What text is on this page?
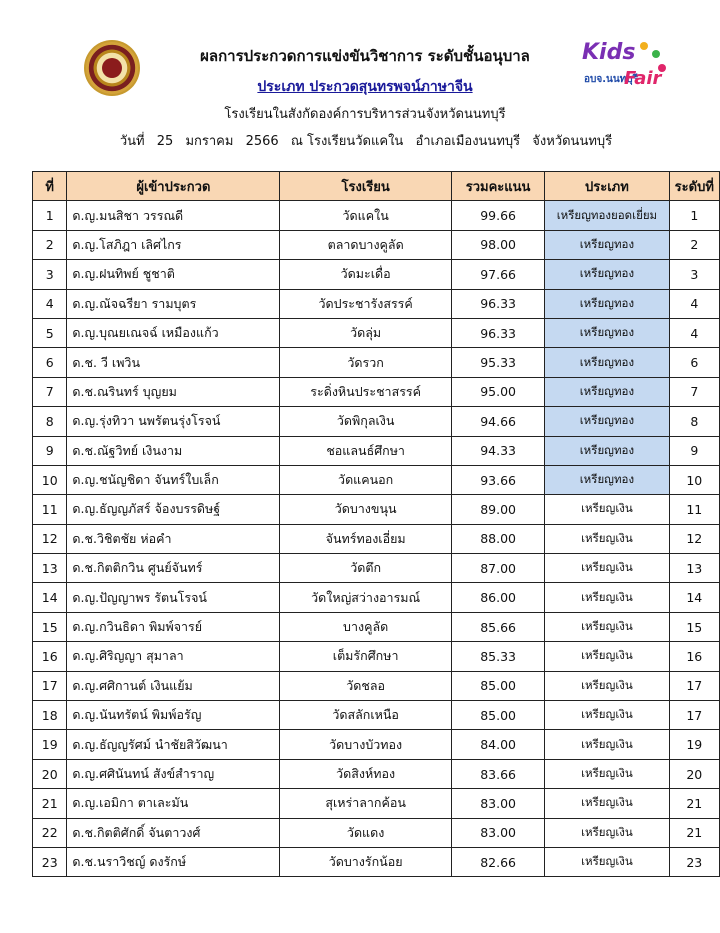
Kids
อบจ.นนทบุรี
Fair
ผลการประกวดการแข่งขันวิชาการ ระดับชั้นอนุบาล
ประเภท ประกวดสุนทรพจน์ภาษาจีน
โรงเรียนในสังกัดองค์การบริหารส่วนจังหวัดนนทบุรี
วันที่ 25 มกราคม 2566 ณ โรงเรียนวัดแคใน อำเภอเมืองนนทบุรี จังหวัดนนทบุรี
ที่	ผู้เข้าประกวด	โรงเรียน	รวมคะแนน	ประเภท	ระดับที่
1	ด.ญ.มนสิชา วรรณดี	วัดแคใน	99.66	เหรียญทองยอดเยี่ยม	1
2	ด.ญ.โสภิฎา เลิศไกร	ตลาดบางคูลัด	98.00	เหรียญทอง	2
3	ด.ญ.ฝนทิพย์ ชูชาติ	วัดมะเดื่อ	97.66	เหรียญทอง	3
4	ด.ญ.ณัจฉรียา รามบุตร	วัดประชารังสรรค์	96.33	เหรียญทอง	4
5	ด.ญ.บุณยเณจฉ์ เหมืองแก้ว	วัดลุ่ม	96.33	เหรียญทอง	4
6	ด.ช. วี เพวิน	วัดรวก	95.33	เหรียญทอง	6
7	ด.ช.ณรินทร์ บุญยม	ระดิ่งหินประชาสรรค์	95.00	เหรียญทอง	7
8	ด.ญ.รุ่งทิวา นพรัตนรุ่งโรจน์	วัดพิกุลเงิน	94.66	เหรียญทอง	8
9	ด.ช.ณัฐวิทย์ เงินงาม	ชอแลนธ์ศึกษา	94.33	เหรียญทอง	9
10	ด.ญ.ชนัญชิดา จันทร์ใบเล็ก	วัดแคนอก	93.66	เหรียญทอง	10
11	ด.ญ.ธัญญภัสร์ จ้องบรรดิษฐ์	วัดบางขนุน	89.00	เหรียญเงิน	11
12	ด.ช.วิชิตชัย ห่อคำ	จันทร์ทองเอี่ยม	88.00	เหรียญเงิน	12
13	ด.ช.กิตติกวิน ศูนย์จันทร์	วัดตึก	87.00	เหรียญเงิน	13
14	ด.ญ.ปัญญาพร รัตนโรจน์	วัดใหญ่สว่างอารมณ์	86.00	เหรียญเงิน	14
15	ด.ญ.กวินธิดา พิมพ์จารย์	บางคูลัด	85.66	เหรียญเงิน	15
16	ด.ญ.ศิริญญา สุมาลา	เต็มรักศึกษา	85.33	เหรียญเงิน	16
17	ด.ญ.ศศิกานต์ เงินแย้ม	วัดชลอ	85.00	เหรียญเงิน	17
18	ด.ญ.นันทรัตน์ พิมพ์อรัญ	วัดสลักเหนือ	85.00	เหรียญเงิน	17
19	ด.ญ.ธัญญรัศม์ นำชัยสิวัฒนา	วัดบางบัวทอง	84.00	เหรียญเงิน	19
20	ด.ญ.ศศินันทน์ สังข์สำราญ	วัดสิงห์ทอง	83.66	เหรียญเงิน	20
21	ด.ญ.เอมิกา ตาเละมัน	สุเหร่าลากค้อน	83.00	เหรียญเงิน	21
22	ด.ช.กิตติศักดิ์ จันตาวงศ์	วัดแดง	83.00	เหรียญเงิน	21
23	ด.ช.นราวิชญ์ ดงรักษ์	วัดบางรักน้อย	82.66	เหรียญเงิน	23
